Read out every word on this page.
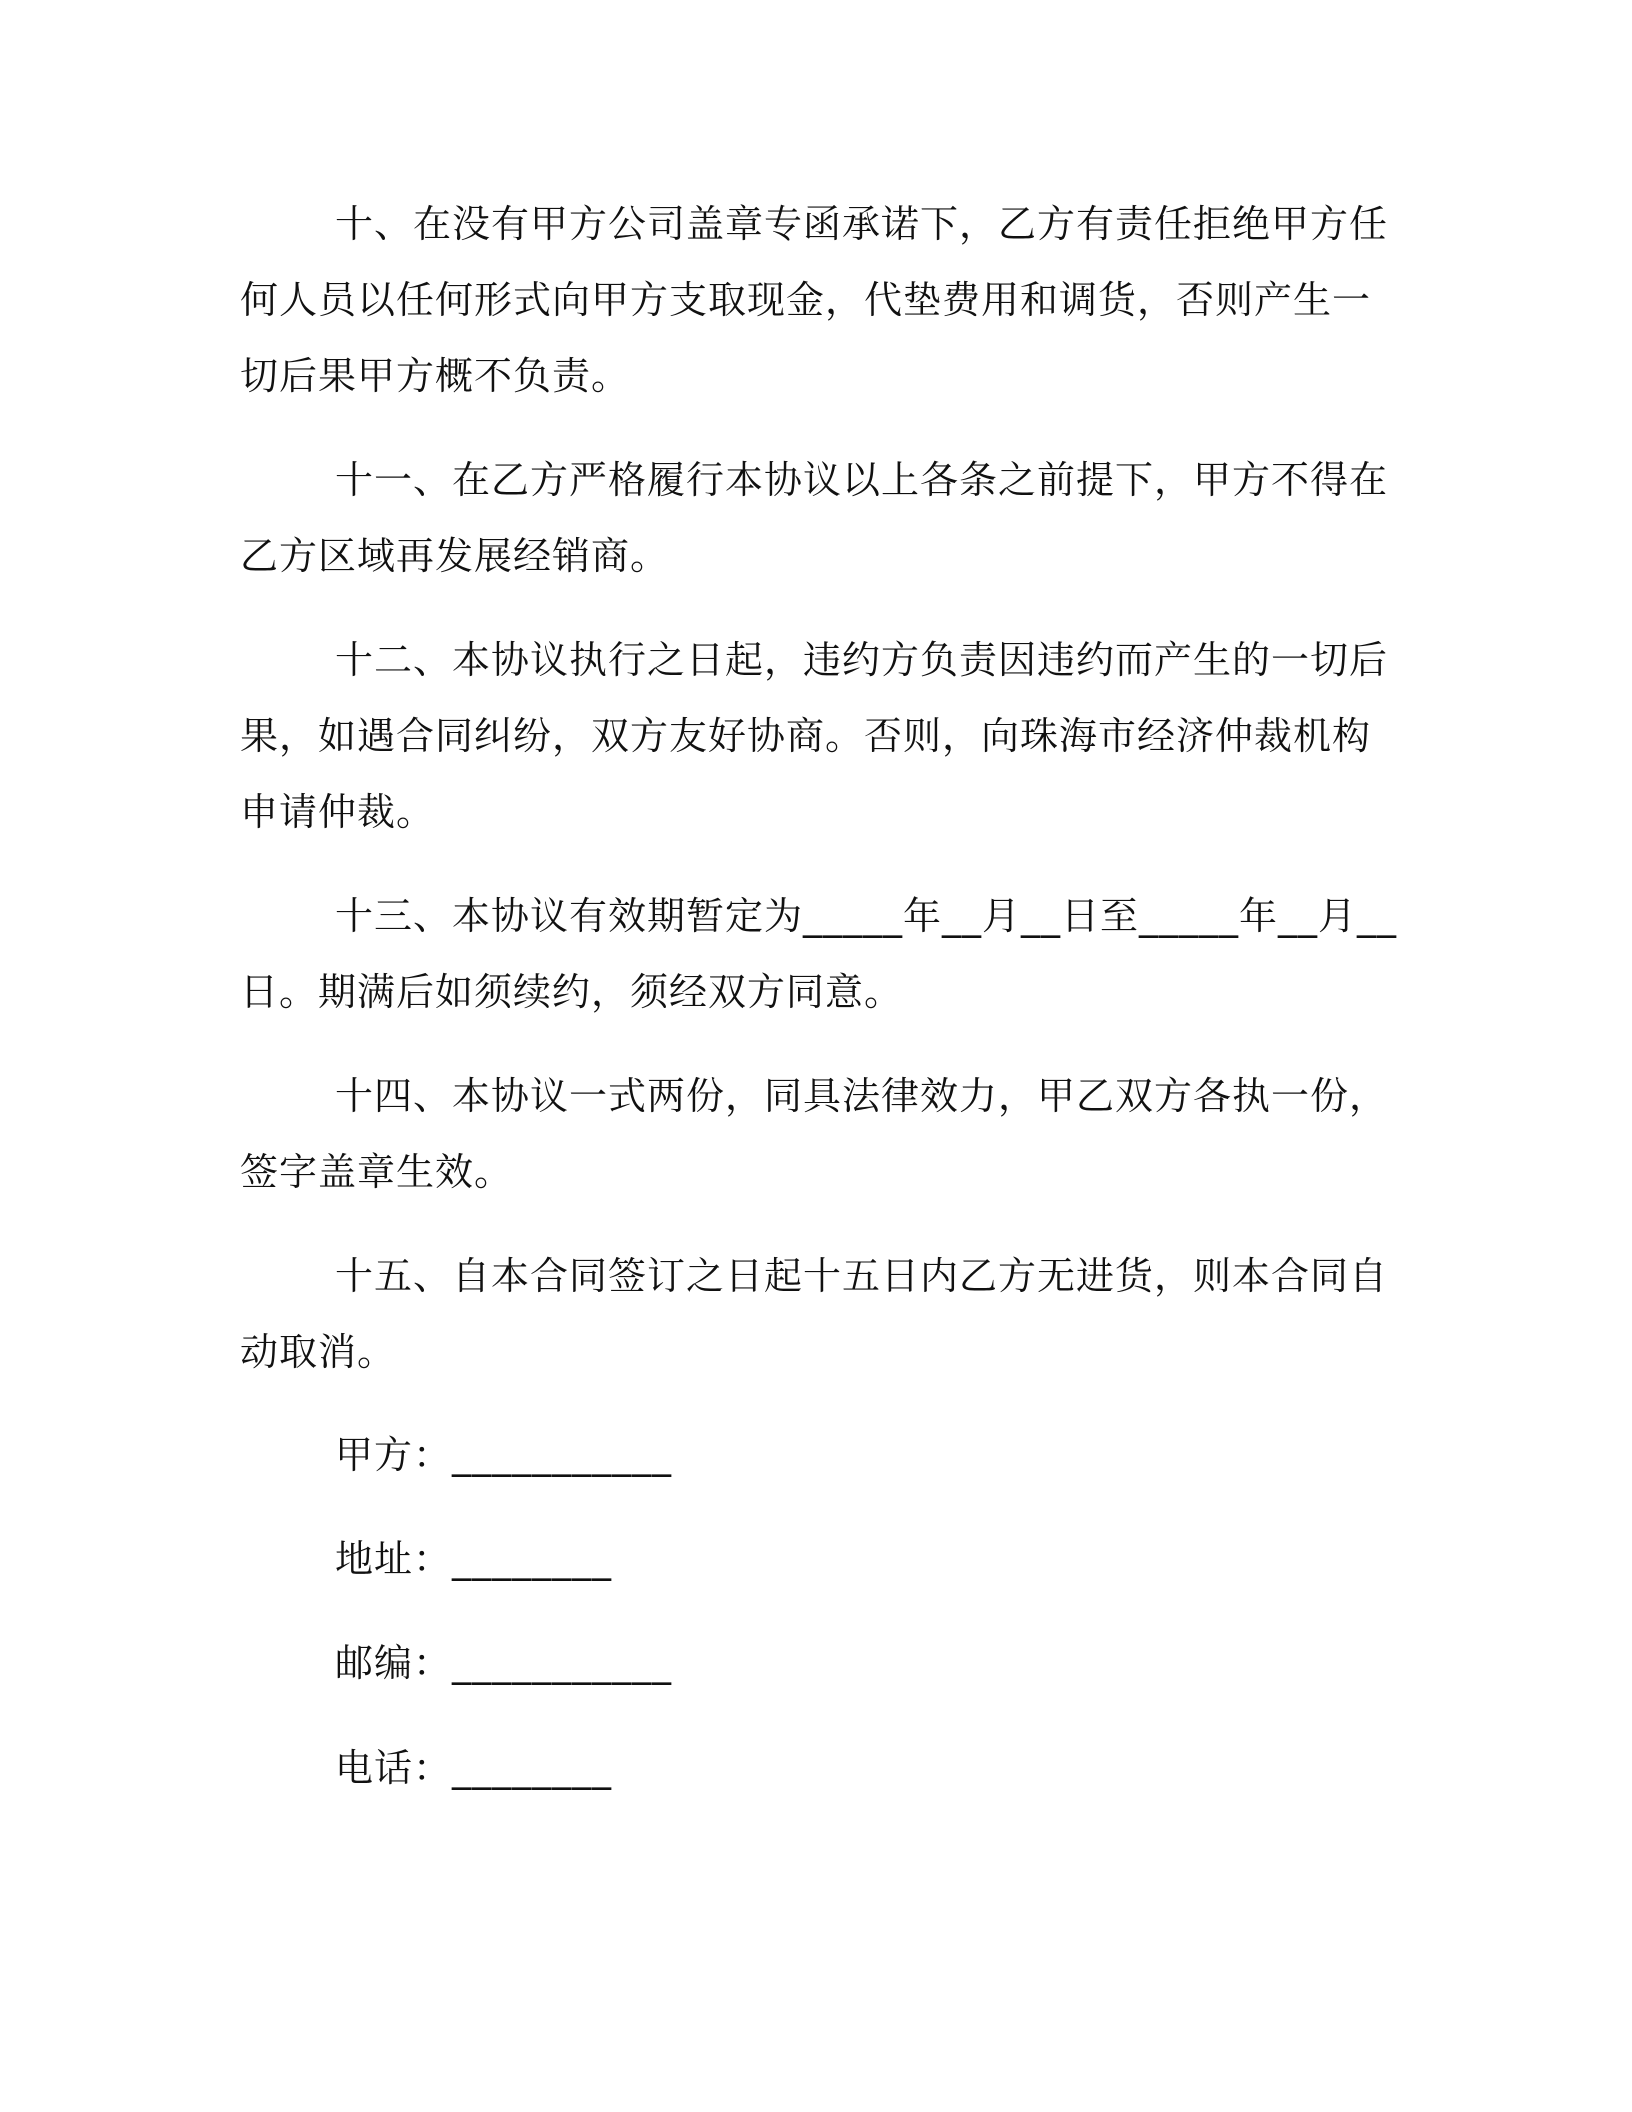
十、在没有甲方公司盖章专函承诺下，乙方有责任拒绝甲方任何人员以任何形式向甲方支取现金，代垫费用和调货，否则产生一切后果甲方概不负责。

十一、在乙方严格履行本协议以上各条之前提下，甲方不得在乙方区域再发展经销商。

十二、本协议执行之日起，违约方负责因违约而产生的一切后果，如遇合同纠纷，双方友好协商。否则，向珠海市经济仲裁机构申请仲裁。

十三、本协议有效期暂定为_____年__月__日至_____年__月__日。期满后如须续约，须经双方同意。

十四、本协议一式两份，同具法律效力，甲乙双方各执一份，签字盖章生效。

十五、自本合同签订之日起十五日内乙方无进货，则本合同自动取消。

甲方：___________
地址：________
邮编：___________
电话：________
